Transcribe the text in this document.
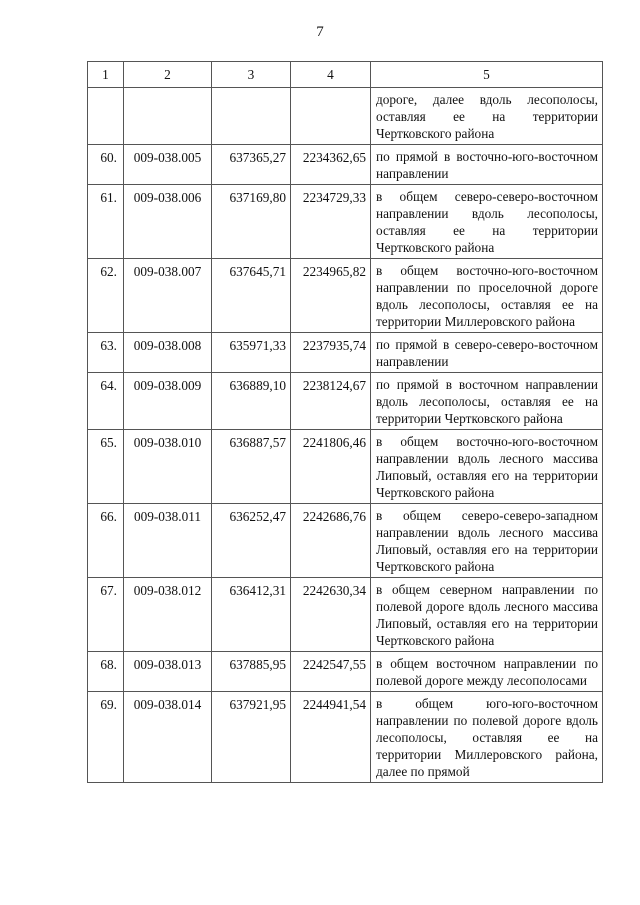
7
1	2	3	4	5
				дороге, далее вдоль лесополосы, оставляя ее на территории Чертковского района
60.	009-038.005	637365,27	2234362,65	по прямой в восточно-юго-восточном направлении
61.	009-038.006	637169,80	2234729,33	в общем северо-северо-восточном направлении вдоль лесополосы, оставляя ее на территории Чертковского района
62.	009-038.007	637645,71	2234965,82	в общем восточно-юго-восточном направлении по проселочной дороге вдоль лесополосы, оставляя ее на территории Миллеровского района
63.	009-038.008	635971,33	2237935,74	по прямой в северо-северо-восточном направлении
64.	009-038.009	636889,10	2238124,67	по прямой в восточном направлении вдоль лесополосы, оставляя ее на территории Чертковского района
65.	009-038.010	636887,57	2241806,46	в общем восточно-юго-восточном направлении вдоль лесного массива Липовый, оставляя его на территории Чертковского района
66.	009-038.011	636252,47	2242686,76	в общем северо-северо-западном направлении вдоль лесного массива Липовый, оставляя его на территории Чертковского района
67.	009-038.012	636412,31	2242630,34	в общем северном направлении по полевой дороге вдоль лесного массива Липовый, оставляя его на территории Чертковского района
68.	009-038.013	637885,95	2242547,55	в общем восточном направлении по полевой дороге между лесополосами
69.	009-038.014	637921,95	2244941,54	в общем юго-юго-восточном направлении по полевой дороге вдоль лесополосы, оставляя ее на территории Миллеровского района, далее по прямой
